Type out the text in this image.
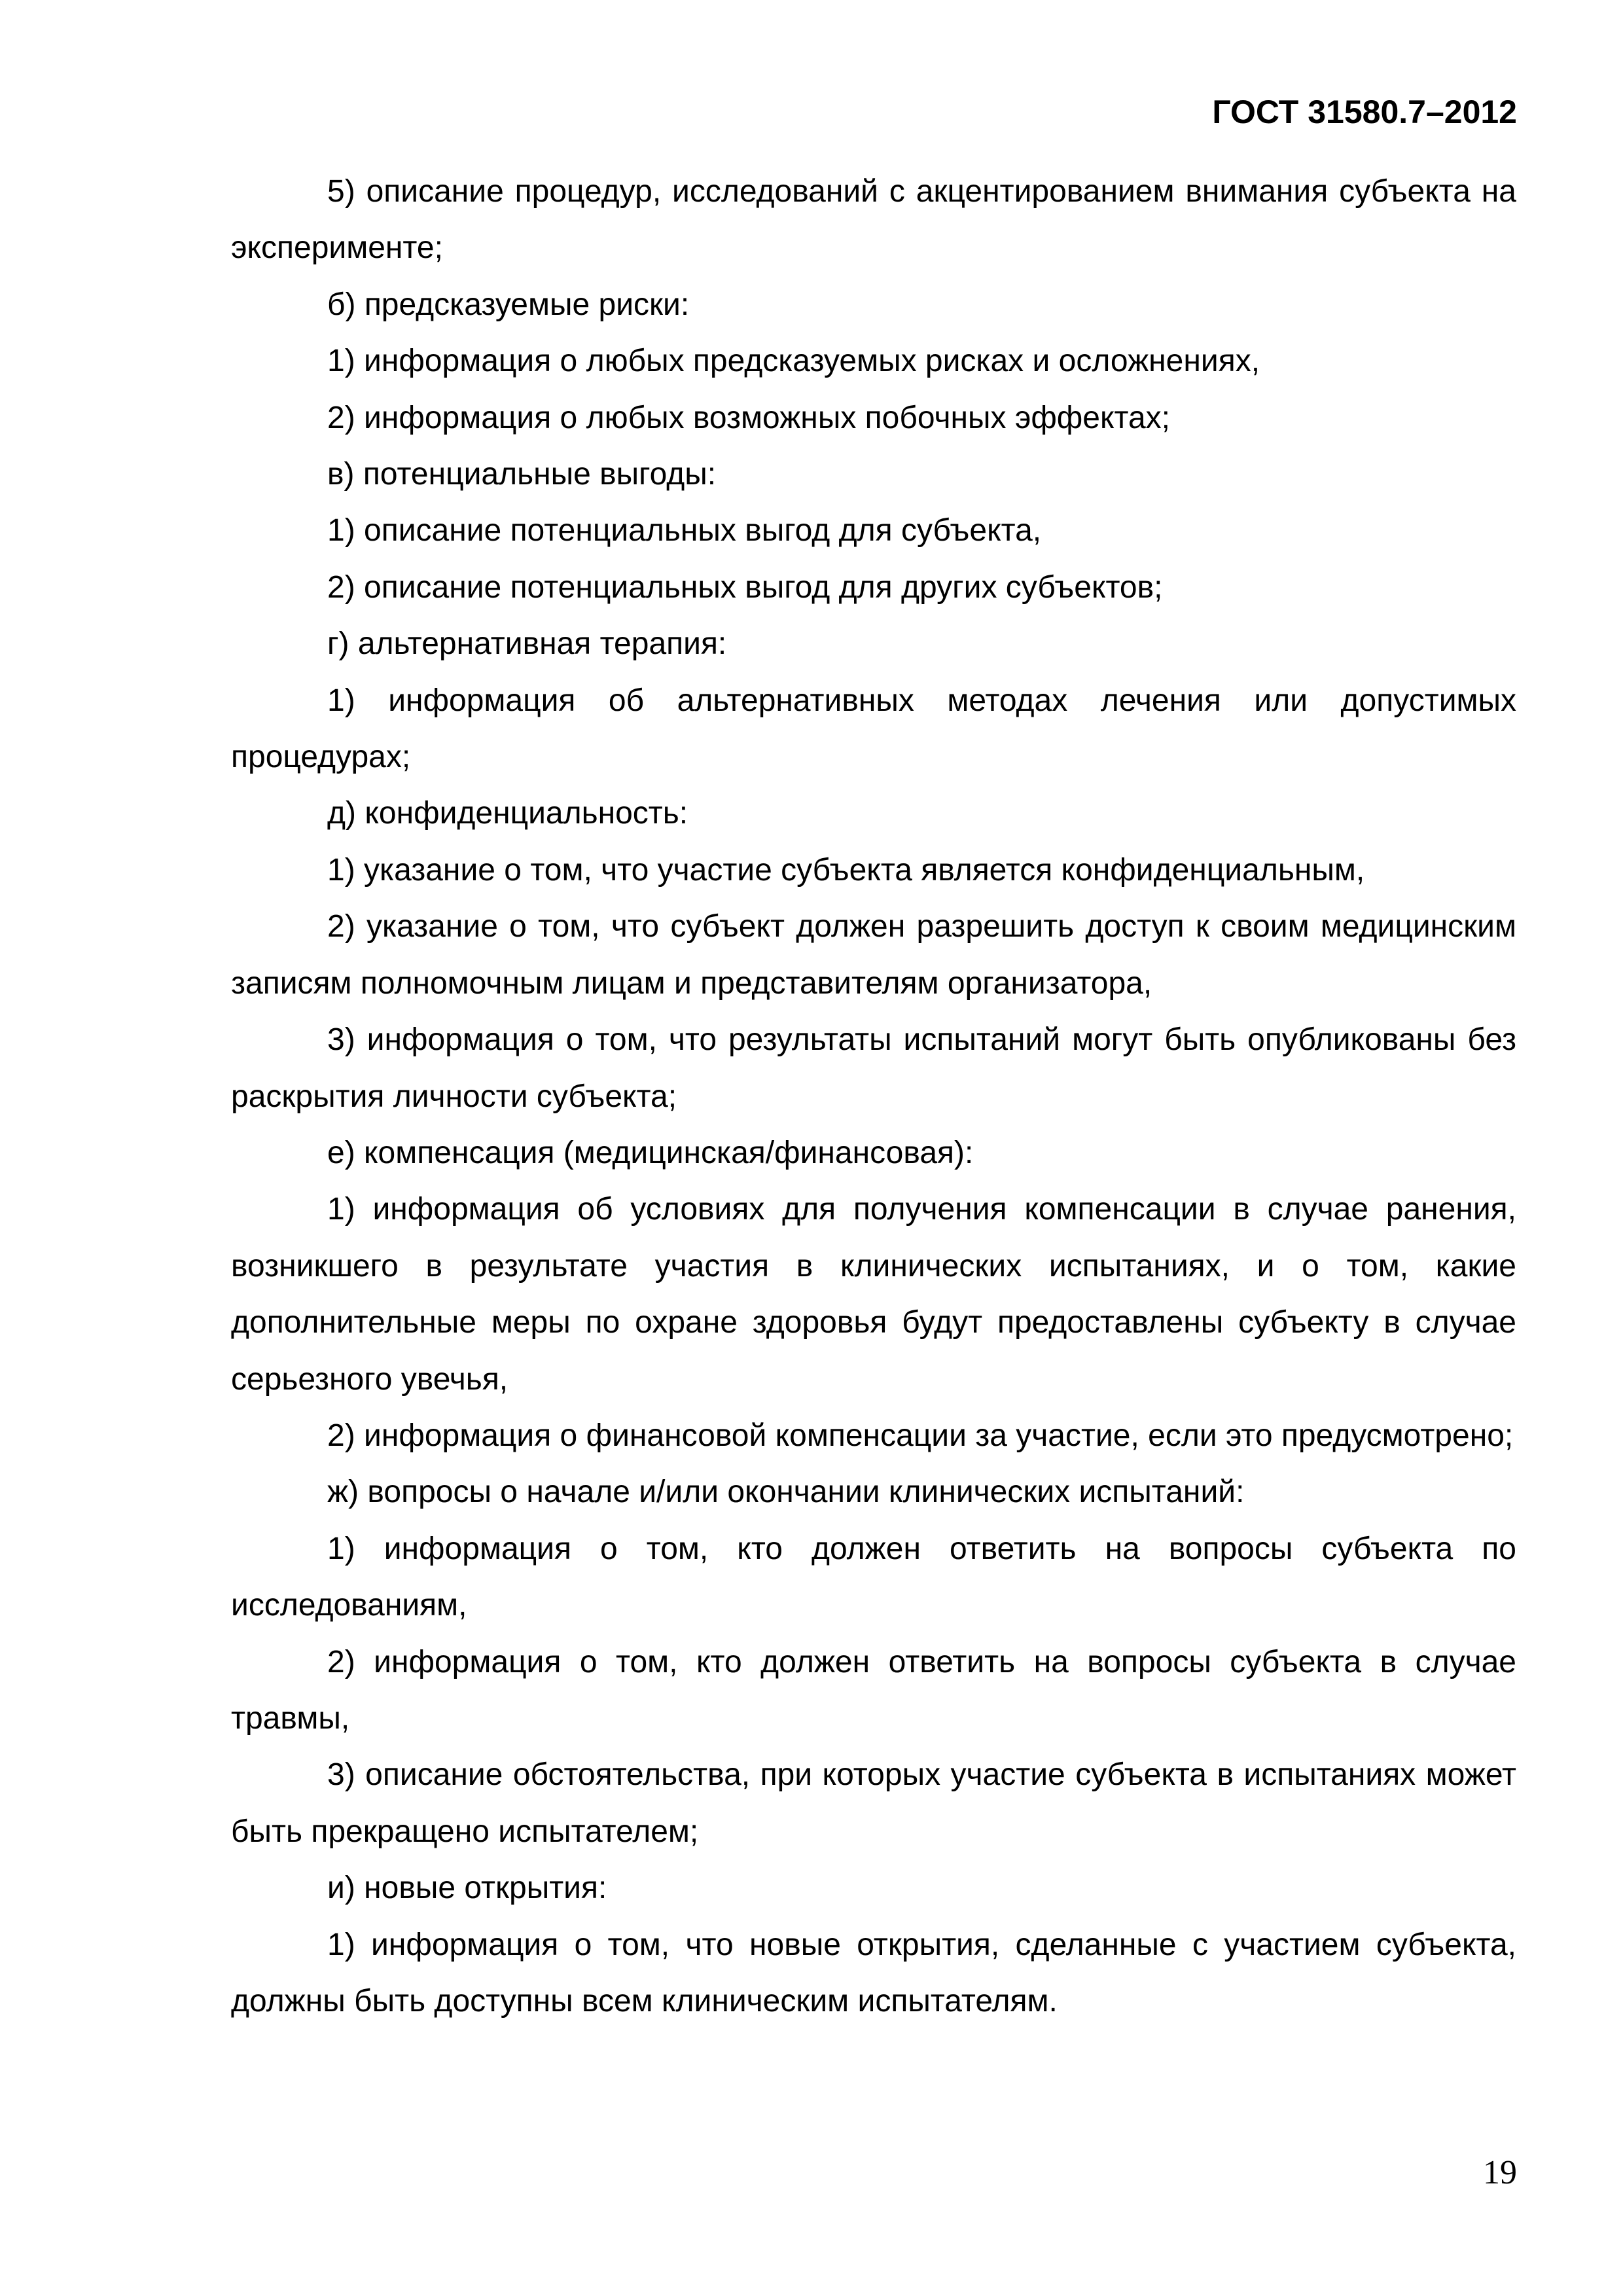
ГОСТ 31580.7–2012

5) описание процедур, исследований с акцентированием внимания субъекта на эксперименте;

б) предсказуемые риски:

1) информация о любых предсказуемых рисках и осложнениях,

2) информация о любых возможных побочных эффектах;

в) потенциальные выгоды:

1) описание потенциальных выгод для субъекта,

2) описание потенциальных выгод для других субъектов;

г) альтернативная терапия:

1) информация об альтернативных методах лечения или допустимых процедурах;

д) конфиденциальность:

1) указание о том, что участие субъекта является конфиденциальным,

2) указание о том, что субъект должен разрешить доступ к своим медицинским записям полномочным лицам и представителям организатора,

3) информация о том, что результаты испытаний могут быть опубликованы без раскрытия личности субъекта;

е) компенсация (медицинская/финансовая):

1) информация об условиях для получения компенсации в случае ранения, возникшего в результате участия в клинических испытаниях, и о том, какие дополнительные меры по охране здоровья будут предоставлены субъекту в случае серьезного увечья,

2) информация о финансовой компенсации за участие, если это предусмотрено;

ж) вопросы о начале и/или окончании клинических испытаний:

1) информация о том, кто должен ответить на вопросы субъекта по исследованиям,

2) информация о том, кто должен ответить на вопросы субъекта в случае травмы,

3) описание обстоятельства, при которых участие субъекта в испытаниях может быть прекращено испытателем;

и) новые открытия:

1) информация о том, что новые открытия, сделанные с участием субъекта, должны быть доступны всем клиническим испытателям.

19
